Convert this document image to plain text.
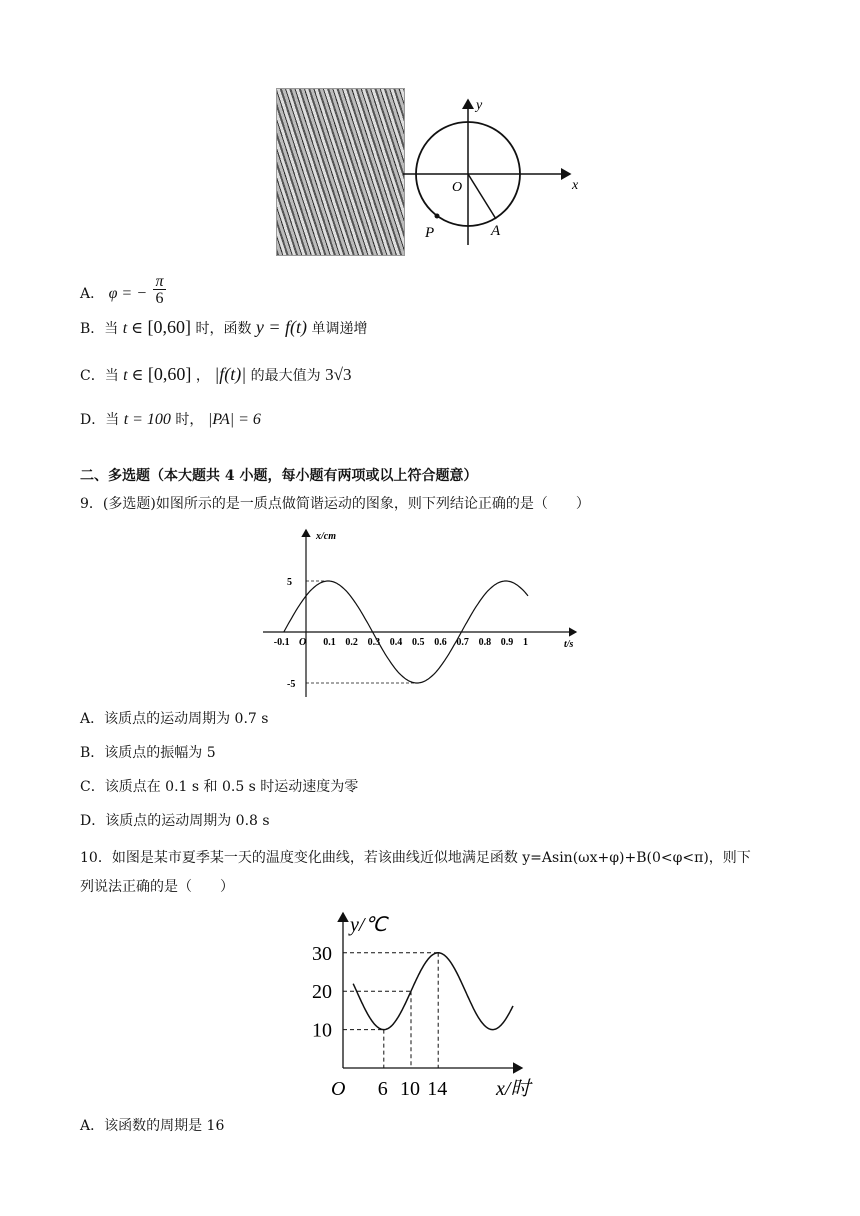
y
x
O
P	A
A． φ = − $\frac{\pi}{6}$
B．当 t ∈ [0,60] 时，函数 y = f(t) 单调递增
C．当 t ∈ [0,60] ， |f(t)| 的最大值为 3√3
D．当 t = 100 时， |PA| = 6
二、多选题（本大题共 4 小题，每小题有两项或以上符合题意）
9．(多选题)如图所示的是一质点做简谐运动的图象，则下列结论正确的是（　　）
x/cm
t/s
-0.1 O 0.1 0.2 0.3 0.4 0.5 0.6 0.7 0.8 0.9 1
5
-5
A．该质点的运动周期为 0.7 s
B．该质点的振幅为 5
C．该质点在 0.1 s 和 0.5 s 时运动速度为零
D．该质点的运动周期为 0.8 s
10．如图是某市夏季某一天的温度变化曲线，若该曲线近似地满足函数 y=Asin(ωx+φ)+B(0<φ<π)，则下
列说法正确的是（　　）
y/℃
x/时
O
10
20
30
6 10 14
A．该函数的周期是 16
